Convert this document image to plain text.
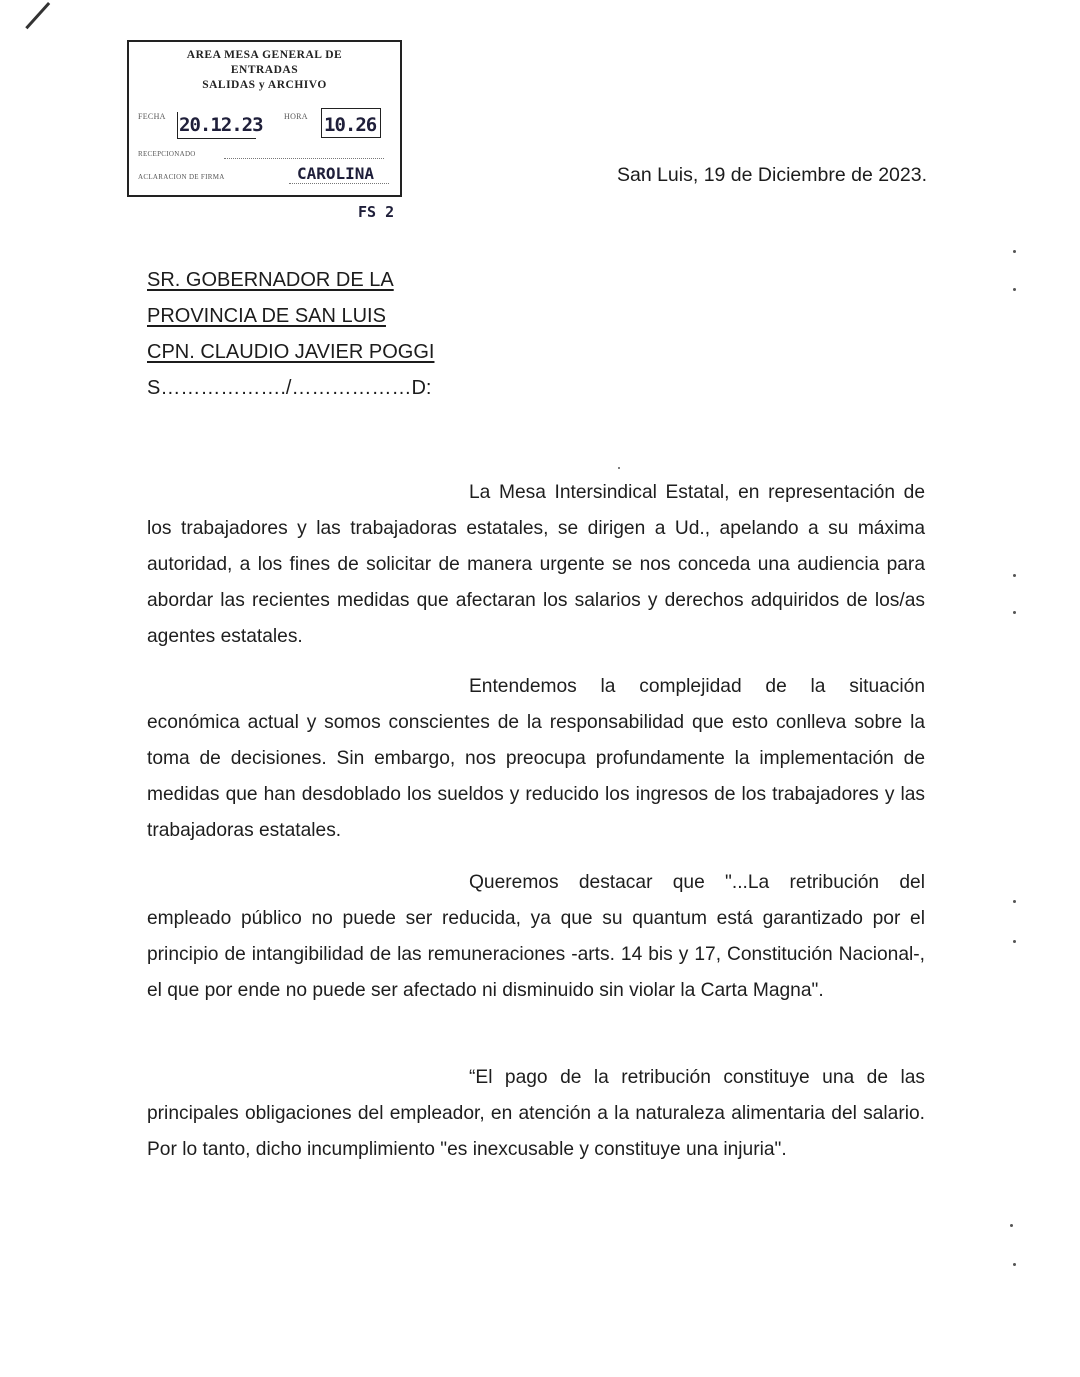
AREA MESA GENERAL DE
ENTRADAS
SALIDAS y ARCHIVO
FECHA 20.12.23	HORA 10.26
RECEPCIONADO
ACLARACION DE FIRMA	CAROLINA
FS 2
San Luis, 19 de Diciembre de 2023.
SR. GOBERNADOR DE LA
PROVINCIA DE SAN LUIS
CPN. CLAUDIO JAVIER POGGI
S………………./………………D:

La Mesa Intersindical Estatal, en representación de los trabajadores y las trabajadoras estatales, se dirigen a Ud., apelando a su máxima autoridad, a los fines de solicitar de manera urgente se nos conceda una audiencia para abordar las recientes medidas que afectaran los salarios y derechos adquiridos de los/as agentes estatales.

Entendemos la complejidad de la situación económica actual y somos conscientes de la responsabilidad que esto conlleva sobre la toma de decisiones. Sin embargo, nos preocupa profundamente la implementación de medidas que han desdoblado los sueldos y reducido los ingresos de los trabajadores y las trabajadoras estatales.

Queremos destacar que "...La retribución del empleado público no puede ser reducida, ya que su quantum está garantizado por el principio de intangibilidad de las remuneraciones -arts. 14 bis y 17, Constitución Nacional-, el que por ende no puede ser afectado ni disminuido sin violar la Carta Magna".

“El pago de la retribución constituye una de las principales obligaciones del empleador, en atención a la naturaleza alimentaria del salario. Por lo tanto, dicho incumplimiento "es inexcusable y constituye una injuria".
